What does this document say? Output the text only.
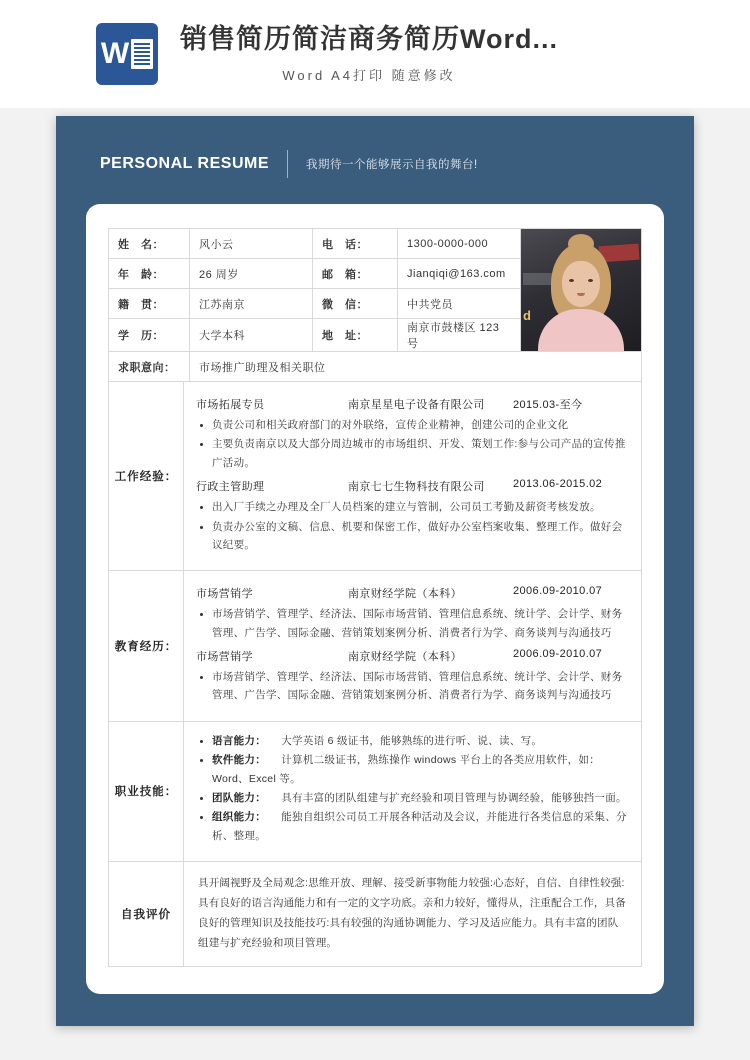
W 销售简历简洁商务简历Word...
Word A4打印 随意修改
PERSONAL RESUME	我期待一个能够展示自我的舞台!
姓　名：	风小云	电　话：	1300-0000-000	d

年　龄：	26 周岁	邮　箱：	Jianqiqi@163.com	
籍　贯：	江苏南京	微　信：	中共党员	
学　历：	大学本科	地　址：	南京市鼓楼区 123 号	
求职意向：	市场推广助理及相关职位			
工作经验：	
市场拓展专员	南京星星电子设备有限公司	2015.03-至今
• 负责公司和相关政府部门的对外联络，宣传企业精神，创建公司的企业文化
• 主要负责南京以及大部分周边城市的市场组织、开发、策划工作:参与公司产品的宣传推广活动。
行政主管助理	南京七七生物科技有限公司	2013.06-2015.02
• 出入厂手续之办理及全厂人员档案的建立与管制，公司员工考勤及薪资考核发放。
• 负责办公室的文稿、信息、机要和保密工作，做好办公室档案收集、整理工作。做好会议纪要。
教育经历：	
市场营销学	南京财经学院（本科）	2006.09-2010.07
• 市场营销学、管理学、经济法、国际市场营销、管理信息系统、统计学、会计学、财务管理、广告学、国际金融、营销策划案例分析、消费者行为学、商务谈判与沟通技巧
市场营销学	南京财经学院（本科）	2006.09-2010.07
• 市场营销学、管理学、经济法、国际市场营销、管理信息系统、统计学、会计学、财务管理、广告学、国际金融、营销策划案例分析、消费者行为学、商务谈判与沟通技巧
职业技能：	
• 语言能力： 大学英语 6 级证书，能够熟练的进行听、说、读、写。
• 软件能力： 计算机二级证书，熟练操作 windows 平台上的各类应用软件，如：Word、Excel 等。
• 团队能力： 具有丰富的团队组建与扩充经验和项目管理与协调经验，能够独挡一面。
• 组织能力： 能独自组织公司员工开展各种活动及会议，并能进行各类信息的采集、分析、整理。
自我评价	具开阔视野及全局观念:思维开放、理解、接受新事物能力较强:心态好，自信、自律性较强:具有良好的语言沟通能力和有一定的文字功底。亲和力较好，懂得从，注重配合工作，具备良好的管理知识及技能技巧:具有较强的沟通协调能力、学习及适应能力。具有丰富的团队组建与扩充经验和项目管理。
